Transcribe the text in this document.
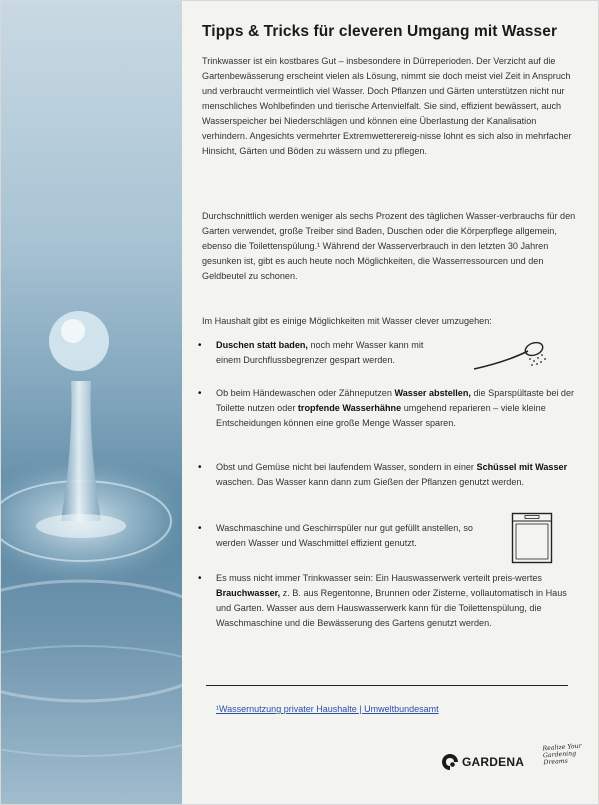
Tipps & Tricks für cleveren Umgang mit Wasser

Trinkwasser ist ein kostbares Gut – insbesondere in Dürreperioden. Der Verzicht auf die Gartenbewässerung erscheint vielen als Lösung, nimmt sie doch meist viel Zeit in Anspruch und verbraucht vermeintlich viel Wasser. Doch Pflanzen und Gärten unterstützen nicht nur menschliches Wohlbefinden und tierische Artenvielfalt. Sie sind, effizient bewässert, auch Wasserspeicher bei Niederschlägen und können eine Überlastung der Kanalisation verhindern. Angesichts vermehrter Extremwetterereig-nisse lohnt es sich also in mehrfacher Hinsicht, Gärten und Böden zu wässern und zu pflegen.

Durchschnittlich werden weniger als sechs Prozent des täglichen Wasser-verbrauchs für den Garten verwendet, große Treiber sind Baden, Duschen oder die Körperpflege allgemein, ebenso die Toilettenspülung.¹ Während der Wasserverbrauch in den letzten 30 Jahren gesunken ist, gibt es auch heute noch Möglichkeiten, die Wasserressourcen und den Geldbeutel zu schonen.

Im Haushalt gibt es einige Möglichkeiten mit Wasser clever umzugehen:

• Duschen statt baden, noch mehr Wasser kann mit einem Durchflussbegrenzer gespart werden.
• Ob beim Händewaschen oder Zähneputzen Wasser abstellen, die Sparspültaste bei der Toilette nutzen oder tropfende Wasserhähne umgehend reparieren – viele kleine Entscheidungen können eine große Menge Wasser sparen.
• Obst und Gemüse nicht bei laufendem Wasser, sondern in einer Schüssel mit Wasser waschen. Das Wasser kann dann zum Gießen der Pflanzen genutzt werden.
• Waschmaschine und Geschirrspüler nur gut gefüllt anstellen, so werden Wasser und Waschmittel effizient genutzt.
• Es muss nicht immer Trinkwasser sein: Ein Hauswasserwerk verteilt preis-wertes Brauchwasser, z. B. aus Regentonne, Brunnen oder Zisterne, vollautomatisch in Haus und Garten. Wasser aus dem Hauswasserwerk kann für die Toilettenspülung, die Waschmaschine und die Bewässerung des Gartens genutzt werden.
¹Wassernutzung privater Haushalte | Umweltbundesamt
GARDENA
Realize Your
Gardening
Dreams
